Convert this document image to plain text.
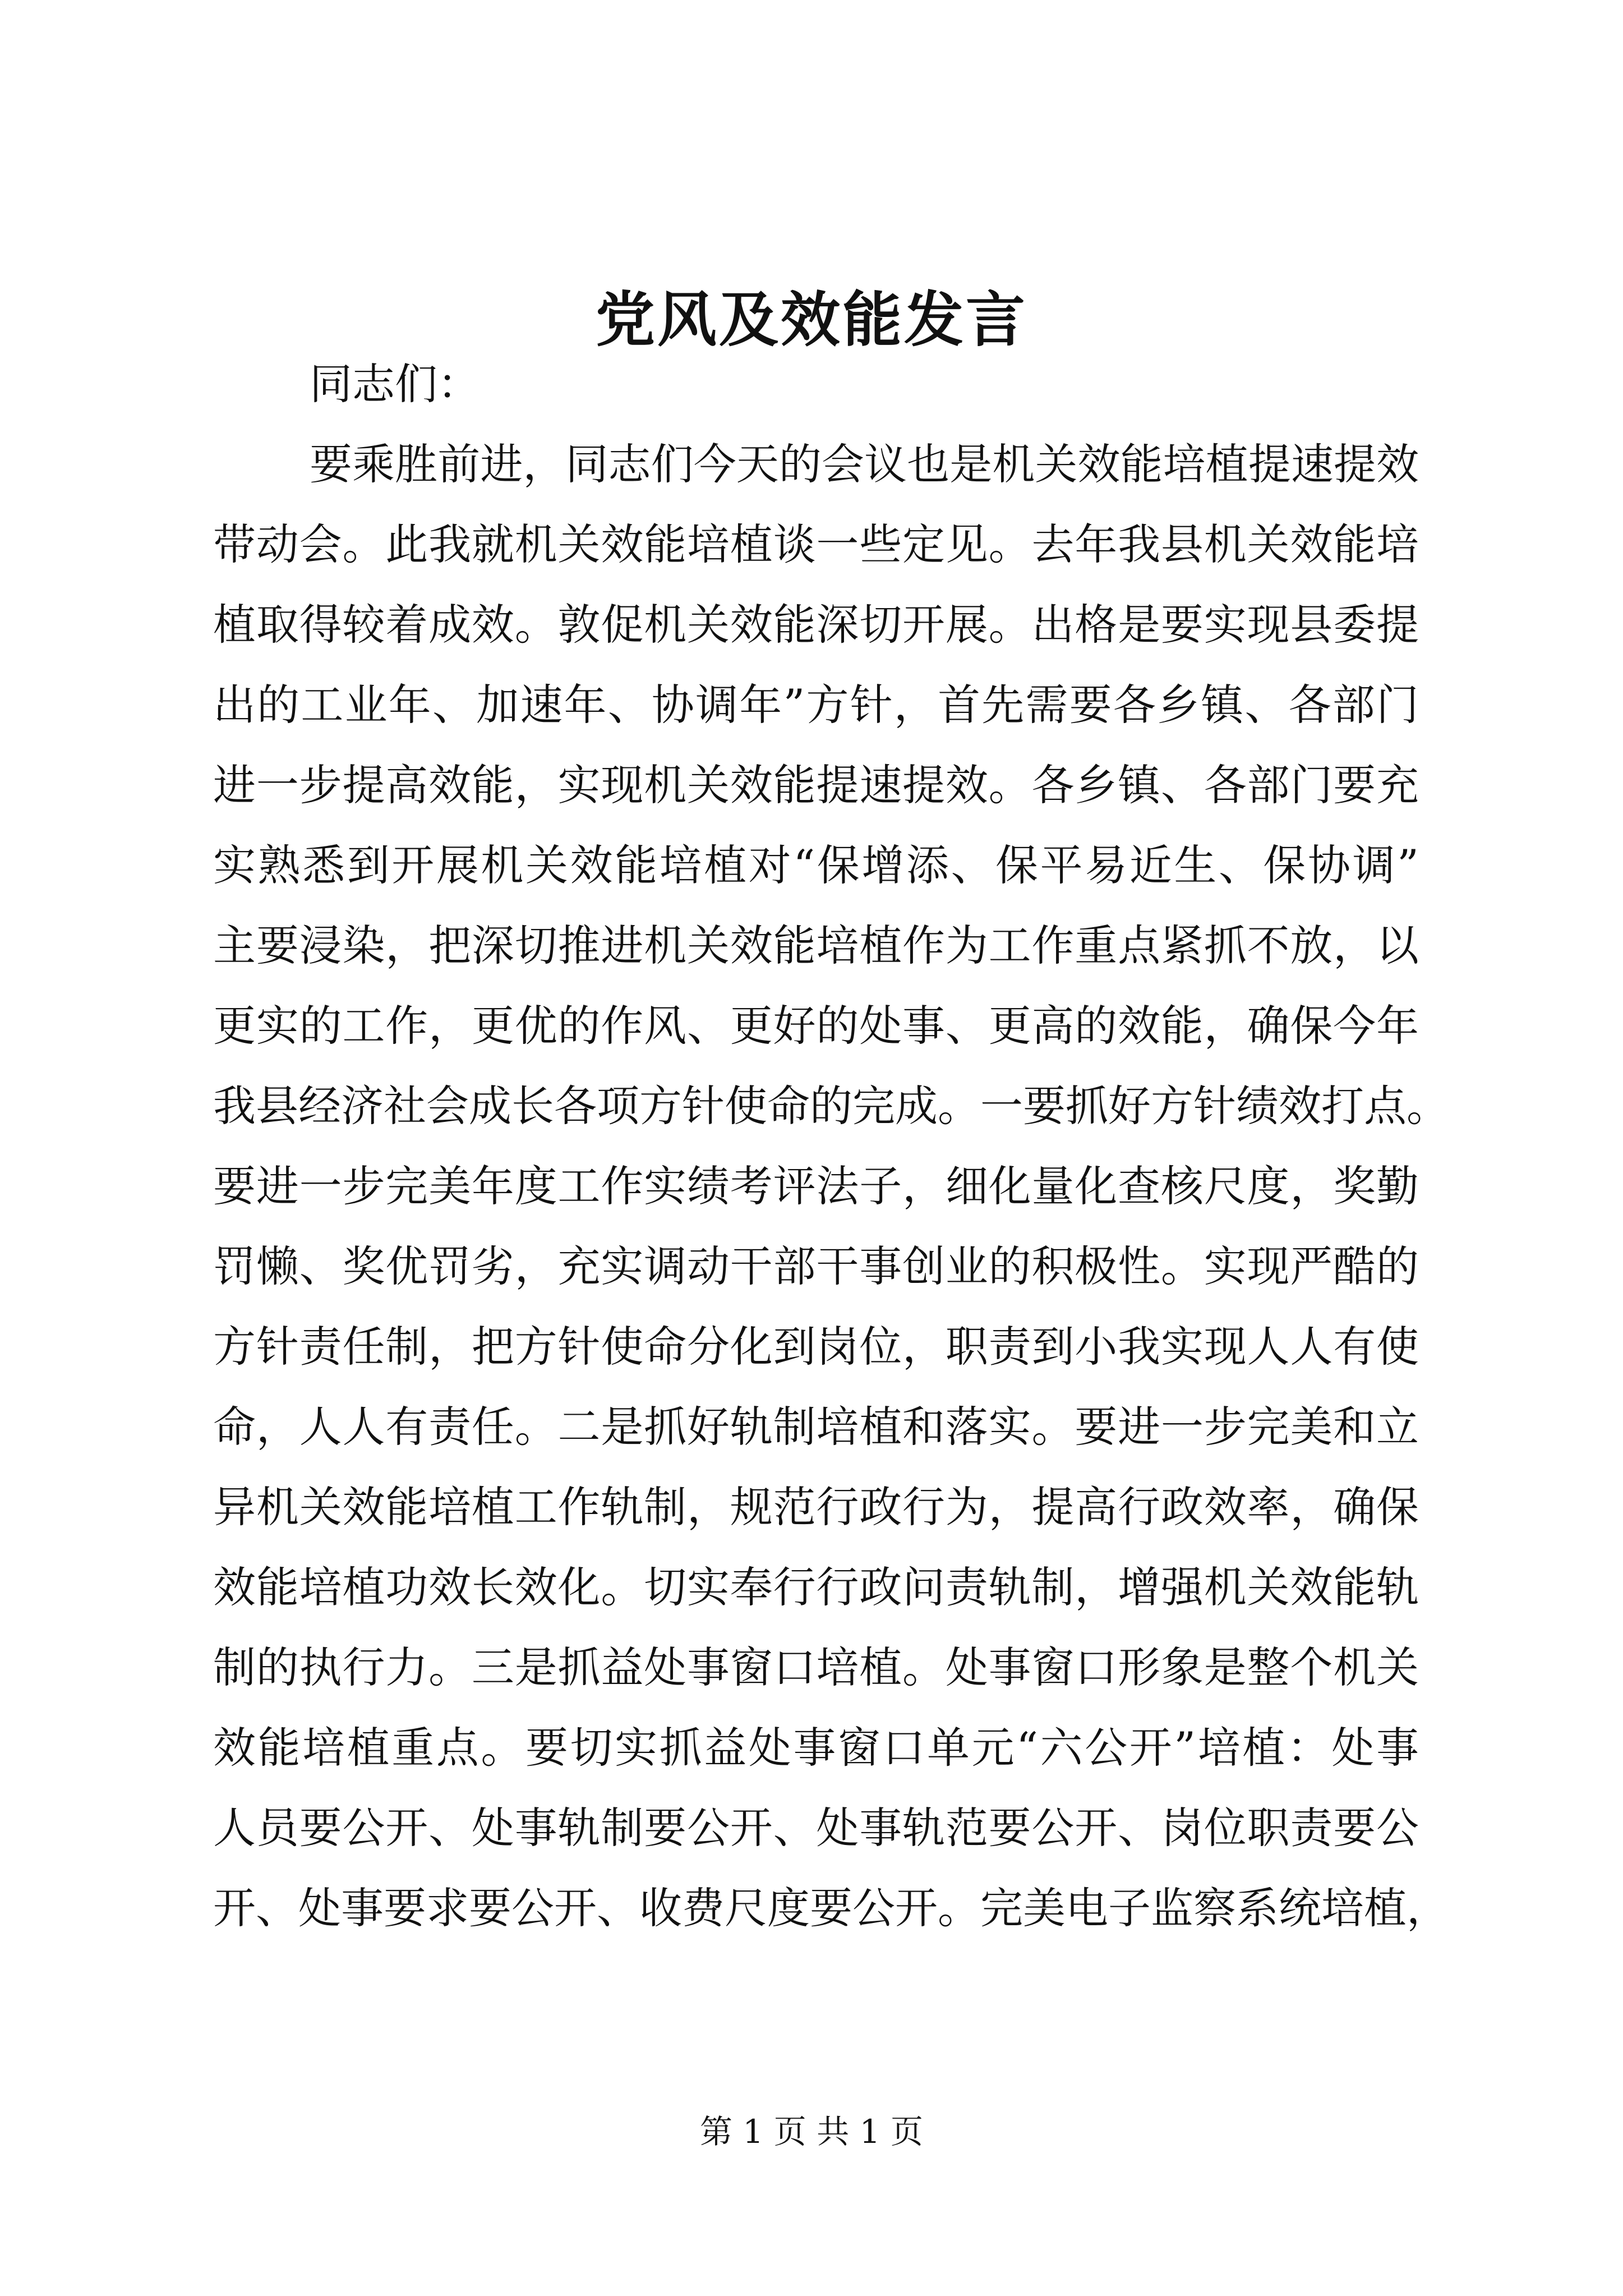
党风及效能发言

同志们：

要乘胜前进，同志们今天的会议也是机关效能培植提速提效

带动会。此我就机关效能培植谈一些定见。去年我县机关效能培

植取得较着成效。敦促机关效能深切开展。出格是要实现县委提

出的工业年、加速年、协调年”方针，首先需要各乡镇、各部门

进一步提高效能，实现机关效能提速提效。各乡镇、各部门要充

实熟悉到开展机关效能培植对“保增添、保平易近生、保协调”

主要浸染，把深切推进机关效能培植作为工作重点紧抓不放，以

更实的工作，更优的作风、更好的处事、更高的效能，确保今年

我县经济社会成长各项方针使命的完成。一要抓好方针绩效打点。

要进一步完美年度工作实绩考评法子，细化量化查核尺度，奖勤

罚懒、奖优罚劣，充实调动干部干事创业的积极性。实现严酷的

方针责任制，把方针使命分化到岗位，职责到小我实现人人有使

命，人人有责任。二是抓好轨制培植和落实。要进一步完美和立

异机关效能培植工作轨制，规范行政行为，提高行政效率，确保

效能培植功效长效化。切实奉行行政问责轨制，增强机关效能轨

制的执行力。三是抓益处事窗口培植。处事窗口形象是整个机关

效能培植重点。要切实抓益处事窗口单元“六公开”培植：处事

人员要公开、处事轨制要公开、处事轨范要公开、岗位职责要公

开、处事要求要公开、收费尺度要公开。完美电子监察系统培植，

第 1 页 共 1 页
